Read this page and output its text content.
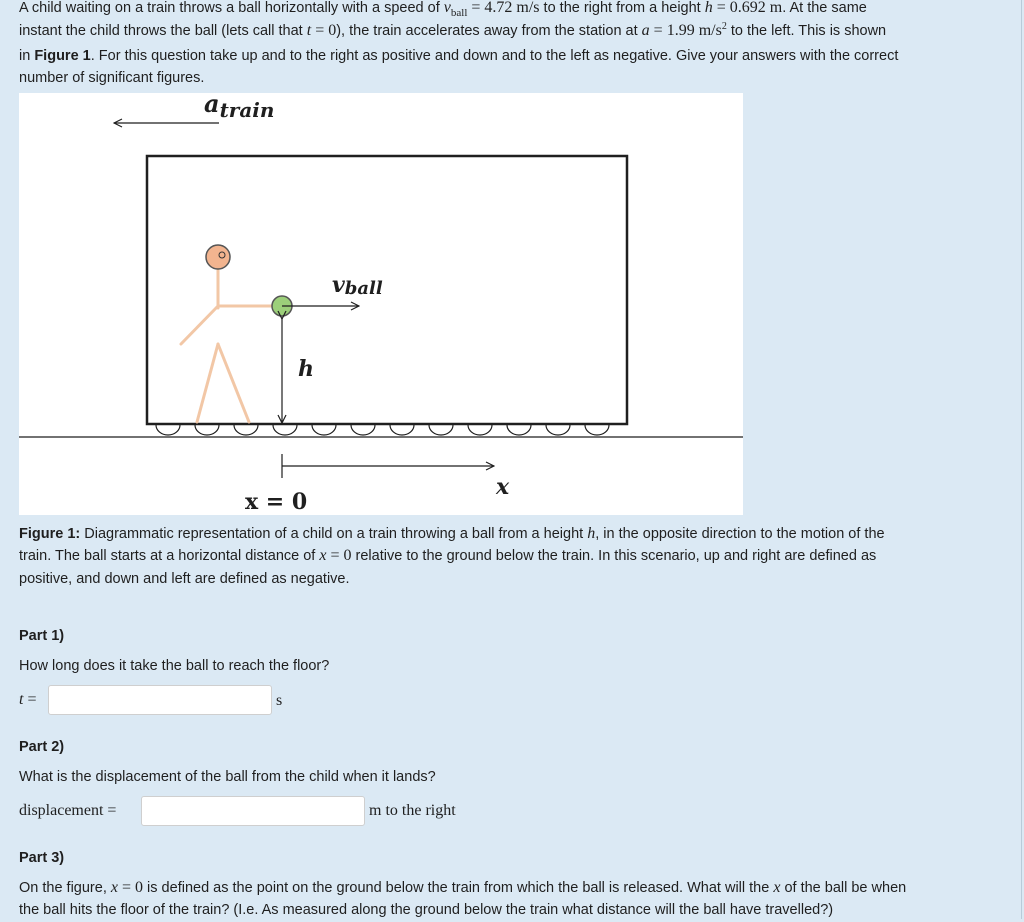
A child waiting on a train throws a ball horizontally with a speed of $v_{ball} = 4.72$ m/s to the right from a height h = 0.692 m. At the same
instant the child throws the ball (lets call that t = 0), the train accelerates away from the station at a = 1.99 $m/s^2$ to the left. This is shown
in Figure 1. For this question take up and to the right as positive and down and to the left as negative. Give your answers with the correct
number of significant figures.
$a_{train}$
vball
h
x
x = 0
Figure 1: Diagrammatic representation of a child on a train throwing a ball from a height h, in the opposite direction to the motion of the
train. The ball starts at a horizontal distance of x = 0 relative to the ground below the train. In this scenario, up and right are defined as
positive, and down and left are defined as negative.
Part 1)
How long does it take the ball to reach the floor?
t =	s
Part 2)
What is the displacement of the ball from the child when it lands?
displacement =	m to the right
Part 3)
On the figure, x = 0 is defined as the point on the ground below the train from which the ball is released. What will the x of the ball be when
the ball hits the floor of the train? (I.e. As measured along the ground below the train what distance will the ball have travelled?)
